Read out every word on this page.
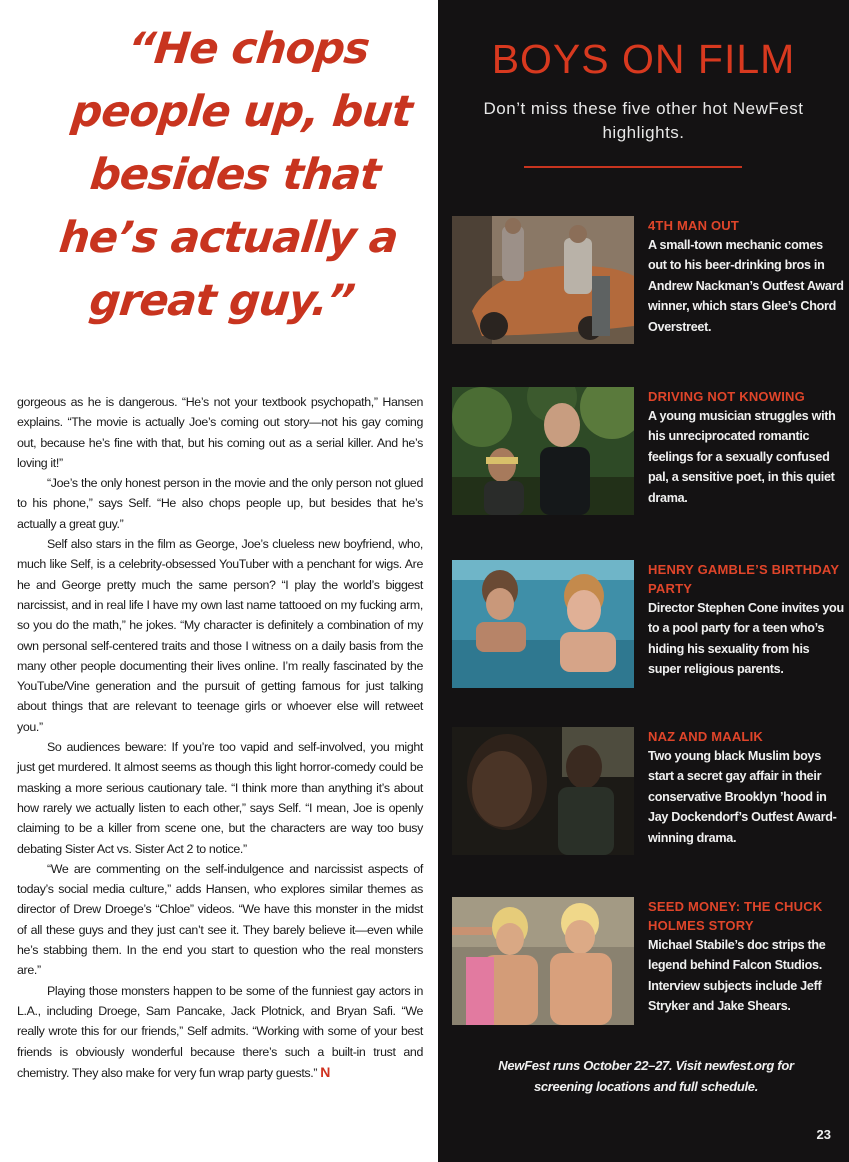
“He chops
people up, but
besides that
he’s actually a
great guy.”

gorgeous as he is dangerous. “He’s not your textbook psychopath,” Hansen explains. “The movie is actually Joe’s coming out story—not his gay coming out, because he’s fine with that, but his coming out as a serial killer. And he’s loving it!”

“Joe’s the only honest person in the movie and the only person not glued to his phone,” says Self. “He also chops people up, but besides that he’s actually a great guy.”

Self also stars in the film as George, Joe’s clueless new boyfriend, who, much like Self, is a celebrity-obsessed YouTuber with a penchant for wigs. Are he and George pretty much the same person? “I play the world’s biggest narcissist, and in real life I have my own last name tattooed on my fucking arm, so you do the math,” he jokes. “My character is definitely a combination of my own personal self-centered traits and those I witness on a daily basis from the many other people documenting their lives online. I’m really fascinated by the YouTube/Vine generation and the pursuit of getting famous for just talking about things that are relevant to teenage girls or whoever else will retweet you.”

So audiences beware: If you’re too vapid and self-involved, you might just get murdered. It almost seems as though this light horror-comedy could be masking a more serious cautionary tale. “I think more than anything it’s about how rarely we actually listen to each other,” says Self. “I mean, Joe is openly claiming to be a killer from scene one, but the characters are way too busy debating Sister Act vs. Sister Act 2 to notice.”

“We are commenting on the self-indulgence and narcissist aspects of today’s social media culture,” adds Hansen, who explores similar themes as director of Drew Droege’s “Chloe” videos. “We have this monster in the midst of all these guys and they just can’t see it. They barely believe it—even while he’s stabbing them. In the end you start to question who the real monsters are.”

Playing those monsters happen to be some of the funniest gay actors in L.A., including Droege, Sam Pancake, Jack Plotnick, and Bryan Safi. “We really wrote this for our friends,” Self admits. “Working with some of your best friends is obviously wonderful because there’s such a built-in trust and chemistry. They also make for very fun wrap party guests.” N

BOYS ON FILM
Don’t miss these five other hot NewFest highlights.
4TH MAN OUT
A small-town mechanic comes out to his beer-drinking bros in Andrew Nackman’s Outfest Award winner, which stars Glee’s Chord Overstreet.
DRIVING NOT KNOWING
A young musician struggles with his unreciprocated romantic feelings for a sexually confused pal, a sensitive poet, in this quiet drama.
HENRY GAMBLE’S BIRTHDAY PARTY
Director Stephen Cone invites you to a pool party for a teen who’s hiding his sexuality from his super religious parents.
NAZ AND MAALIK
Two young black Muslim boys start a secret gay affair in their conservative Brooklyn ’hood in Jay Dockendorf’s Outfest Award-winning drama.
SEED MONEY: THE CHUCK HOLMES STORY
Michael Stabile’s doc strips the legend behind Falcon Studios. Interview subjects include Jeff Stryker and Jake Shears.
NewFest runs October 22–27. Visit newfest.org for screening locations and full schedule.
23
